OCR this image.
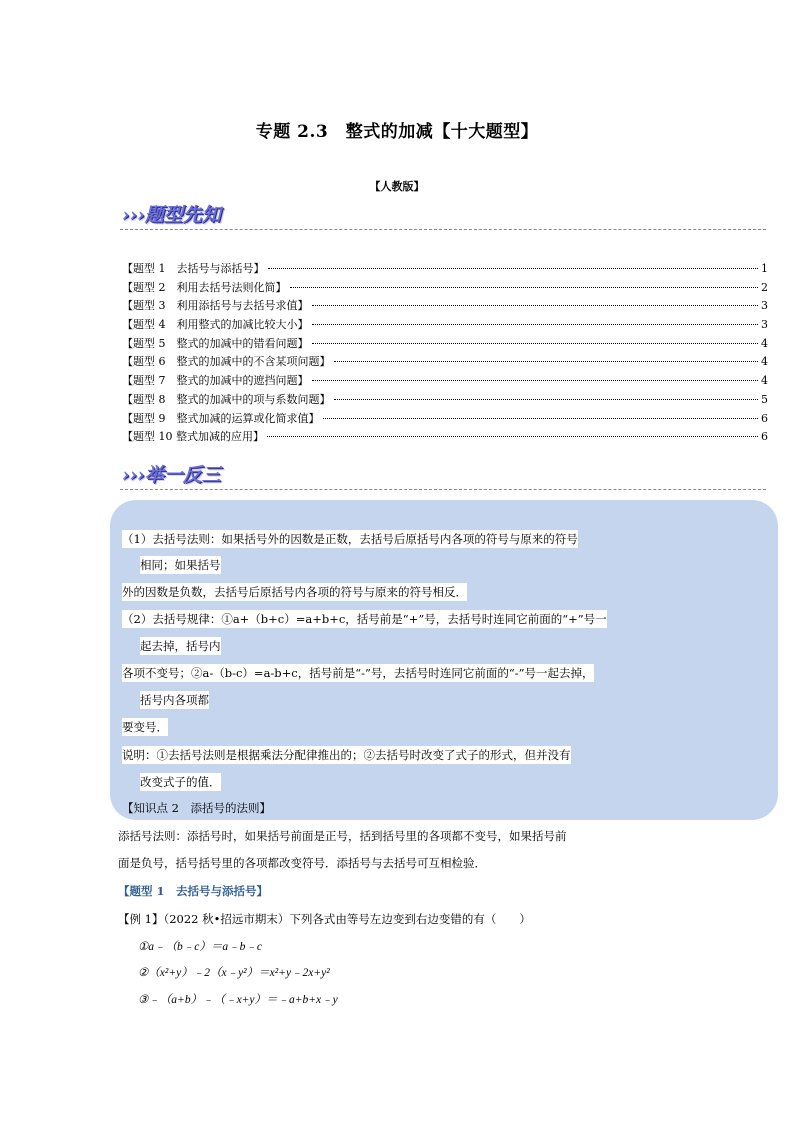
专题 2.3　整式的加减【十大题型】
【人教版】
›››题型先知
【题型 1　去括号与添括号】	1
【题型 2　利用去括号法则化简】	2
【题型 3　利用添括号与去括号求值】	3
【题型 4　利用整式的加减比较大小】	3
【题型 5　整式的加减中的错看问题】	4
【题型 6　整式的加减中的不含某项问题】	4
【题型 7　整式的加减中的遮挡问题】	4
【题型 8　整式的加减中的项与系数问题】	5
【题型 9　整式加减的运算或化简求值】	6
【题型 10 整式加减的应用】	6
›››举一反三
（1）去括号法则：如果括号外的因数是正数，去括号后原括号内各项的符号与原来的符号
相同；如果括号
外的因数是负数，去括号后原括号内各项的符号与原来的符号相反．
（2）去括号规律：①a+（b+c）=a+b+c，括号前是“+”号，去括号时连同它前面的“+”号一
起去掉，括号内
各项不变号；②a-（b-c）=a-b+c，括号前是“-”号，去括号时连同它前面的“-”号一起去掉，
括号内各项都
要变号．
说明：①去括号法则是根据乘法分配律推出的；②去括号时改变了式子的形式，但并没有
改变式子的值．
【知识点 2　添括号的法则】
添括号法则：添括号时，如果括号前面是正号，括到括号里的各项都不变号，如果括号前
面是负号，括号括号里的各项都改变符号．添括号与去括号可互相检验．
【题型 1　去括号与添括号】
【例 1】（2022 秋•招远市期末）下列各式由等号左边变到右边变错的有（　　）
①a﹣（b﹣c）＝a﹣b﹣c
②（x²+y）﹣2（x﹣y²）＝x²+y﹣2x+y²
③﹣（a+b）﹣（﹣x+y）＝﹣a+b+x﹣y
